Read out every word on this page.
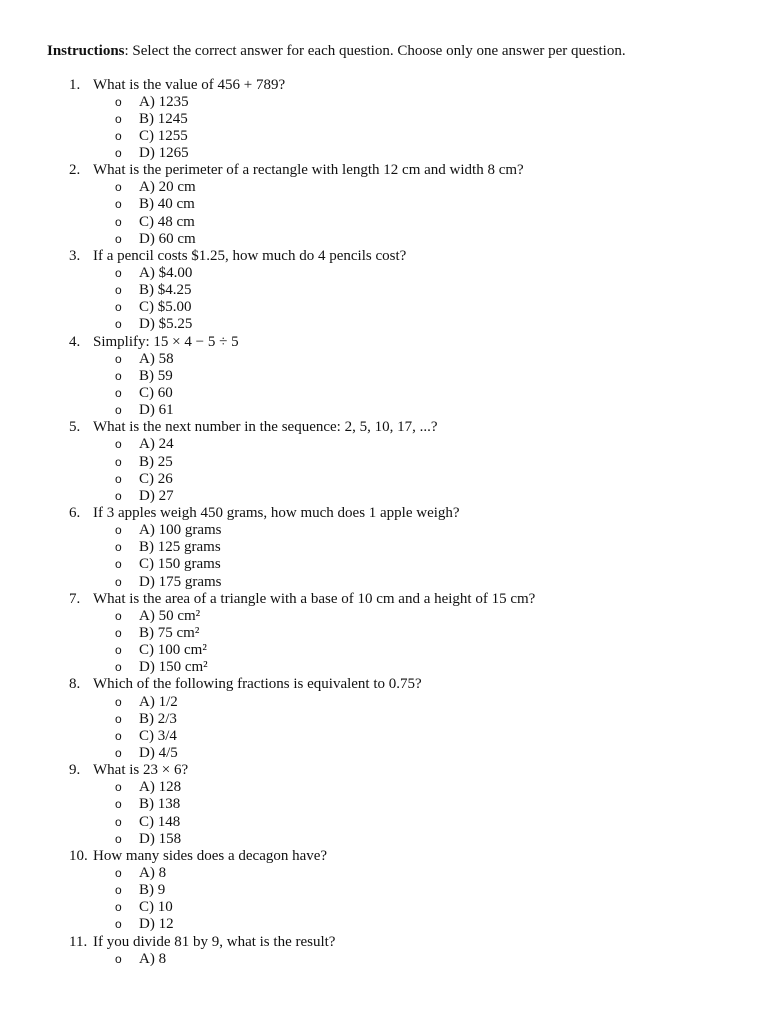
Instructions: Select the correct answer for each question. Choose only one answer per question.
1. What is the value of 456 + 789?
o A) 1235
o B) 1245
o C) 1255
o D) 1265
2. What is the perimeter of a rectangle with length 12 cm and width 8 cm?
o A) 20 cm
o B) 40 cm
o C) 48 cm
o D) 60 cm
3. If a pencil costs $1.25, how much do 4 pencils cost?
o A) $4.00
o B) $4.25
o C) $5.00
o D) $5.25
4. Simplify: 15 × 4 − 5 ÷ 5
o A) 58
o B) 59
o C) 60
o D) 61
5. What is the next number in the sequence: 2, 5, 10, 17, ...?
o A) 24
o B) 25
o C) 26
o D) 27
6. If 3 apples weigh 450 grams, how much does 1 apple weigh?
o A) 100 grams
o B) 125 grams
o C) 150 grams
o D) 175 grams
7. What is the area of a triangle with a base of 10 cm and a height of 15 cm?
o A) 50 cm²
o B) 75 cm²
o C) 100 cm²
o D) 150 cm²
8. Which of the following fractions is equivalent to 0.75?
o A) 1/2
o B) 2/3
o C) 3/4
o D) 4/5
9. What is 23 × 6?
o A) 128
o B) 138
o C) 148
o D) 158
10. How many sides does a decagon have?
o A) 8
o B) 9
o C) 10
o D) 12
11. If you divide 81 by 9, what is the result?
o A) 8
